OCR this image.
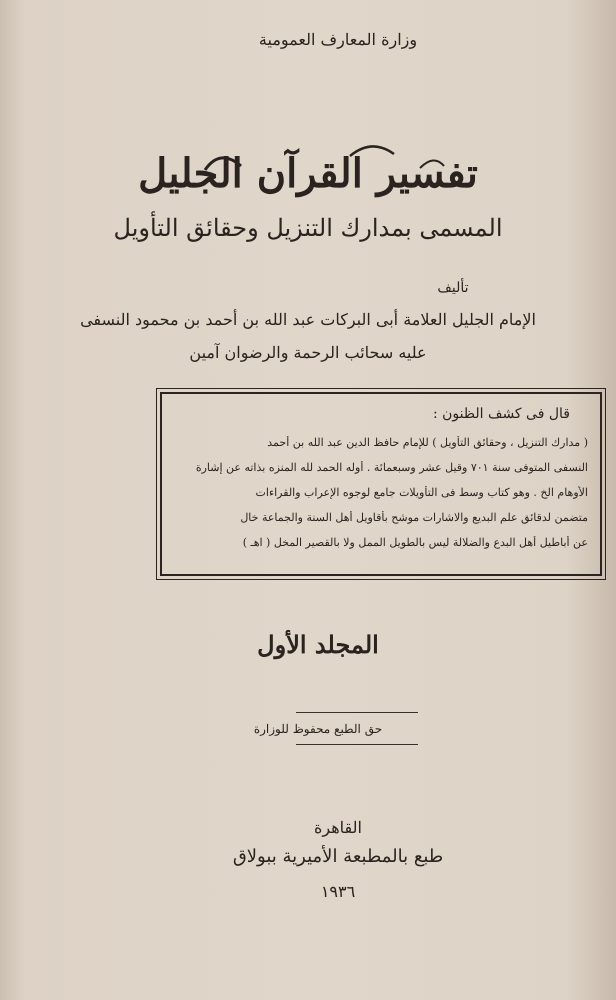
وزارة المعارف العمومية
تفسير القرآن الجليل
المسمى بمدارك التنزيل وحقائق التأويل
تأليف
الإمام الجليل العلامة أبى البركات عبد الله بن أحمد بن محمود النسفى
عليه سحائب الرحمة والرضوان آمين
قال فى كشف الظنون :
( مدارك التنزيل ، وحقائق التأويل ) للإمام حافظ الدين عبد الله بن أحمد
النسفى المتوفى سنة ٧٠١ وقيل عشر وسبعمائة . أوله الحمد لله المنزه بذاته عن إشارة
الأوهام الخ . وهو كتاب وسط فى التأويلات جامع لوجوه الإعراب والقراءات
متضمن لدقائق علم البديع والاشارات موشح بأقاويل أهل السنة والجماعة خال
عن أباطيل أهل البدع والضلالة ليس بالطويل الممل ولا بالقصير المخل ( اهـ )
المجلد الأول
حق الطبع محفوظ للوزارة
القاهرة
طبع بالمطبعة الأميرية ببولاق
١٩٣٦
